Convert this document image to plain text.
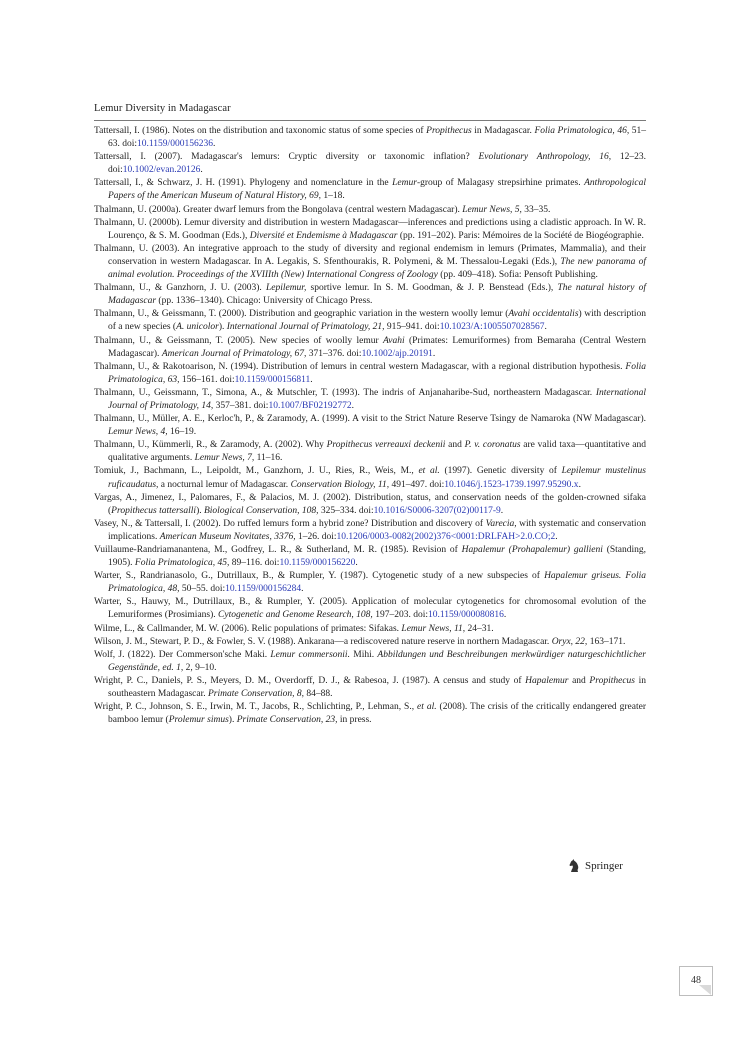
Lemur Diversity in Madagascar
Tattersall, I. (1986). Notes on the distribution and taxonomic status of some species of Propithecus in Madagascar. Folia Primatologica, 46, 51–63. doi:10.1159/000156236.
Tattersall, I. (2007). Madagascar's lemurs: Cryptic diversity or taxonomic inflation? Evolutionary Anthropology, 16, 12–23. doi:10.1002/evan.20126.
Tattersall, I., & Schwarz, J. H. (1991). Phylogeny and nomenclature in the Lemur-group of Malagasy strepsirhine primates. Anthropological Papers of the American Museum of Natural History, 69, 1–18.
Thalmann, U. (2000a). Greater dwarf lemurs from the Bongolava (central western Madagascar). Lemur News, 5, 33–35.
Thalmann, U. (2000b). Lemur diversity and distribution in western Madagascar—inferences and predictions using a cladistic approach. In W. R. Lourenço, & S. M. Goodman (Eds.), Diversité et Endemisme à Madagascar (pp. 191–202). Paris: Mémoires de la Société de Biogéographie.
Thalmann, U. (2003). An integrative approach to the study of diversity and regional endemism in lemurs (Primates, Mammalia), and their conservation in western Madagascar. In A. Legakis, S. Sfenthourakis, R. Polymeni, & M. Thessalou-Legaki (Eds.), The new panorama of animal evolution. Proceedings of the XVIIIth (New) International Congress of Zoology (pp. 409–418). Sofia: Pensoft Publishing.
Thalmann, U., & Ganzhorn, J. U. (2003). Lepilemur, sportive lemur. In S. M. Goodman, & J. P. Benstead (Eds.), The natural history of Madagascar (pp. 1336–1340). Chicago: University of Chicago Press.
Thalmann, U., & Geissmann, T. (2000). Distribution and geographic variation in the western woolly lemur (Avahi occidentalis) with description of a new species (A. unicolor). International Journal of Primatology, 21, 915–941. doi:10.1023/A:1005507028567.
Thalmann, U., & Geissmann, T. (2005). New species of woolly lemur Avahi (Primates: Lemuriformes) from Bemaraha (Central Western Madagascar). American Journal of Primatology, 67, 371–376. doi:10.1002/ajp.20191.
Thalmann, U., & Rakotoarison, N. (1994). Distribution of lemurs in central western Madagascar, with a regional distribution hypothesis. Folia Primatologica, 63, 156–161. doi:10.1159/000156811.
Thalmann, U., Geissmann, T., Simona, A., & Mutschler, T. (1993). The indris of Anjanaharibe-Sud, northeastern Madagascar. International Journal of Primatology, 14, 357–381. doi:10.1007/BF02192772.
Thalmann, U., Müller, A. E., Kerloc'h, P., & Zaramody, A. (1999). A visit to the Strict Nature Reserve Tsingy de Namaroka (NW Madagascar). Lemur News, 4, 16–19.
Thalmann, U., Kümmerli, R., & Zaramody, A. (2002). Why Propithecus verreauxi deckenii and P. v. coronatus are valid taxa—quantitative and qualitative arguments. Lemur News, 7, 11–16.
Tomiuk, J., Bachmann, L., Leipoldt, M., Ganzhorn, J. U., Ries, R., Weis, M., et al. (1997). Genetic diversity of Lepilemur mustelinus ruficaudatus, a nocturnal lemur of Madagascar. Conservation Biology, 11, 491–497. doi:10.1046/j.1523-1739.1997.95290.x.
Vargas, A., Jimenez, I., Palomares, F., & Palacios, M. J. (2002). Distribution, status, and conservation needs of the golden-crowned sifaka (Propithecus tattersalli). Biological Conservation, 108, 325–334. doi:10.1016/S0006-3207(02)00117-9.
Vasey, N., & Tattersall, I. (2002). Do ruffed lemurs form a hybrid zone? Distribution and discovery of Varecia, with systematic and conservation implications. American Museum Novitates, 3376, 1–26. doi:10.1206/0003-0082(2002)376<0001:DRLFAH>2.0.CO;2.
Vuillaume-Randriamanantena, M., Godfrey, L. R., & Sutherland, M. R. (1985). Revision of Hapalemur (Prohapalemur) gallieni (Standing, 1905). Folia Primatologica, 45, 89–116. doi:10.1159/000156220.
Warter, S., Randrianasolo, G., Dutrillaux, B., & Rumpler, Y. (1987). Cytogenetic study of a new subspecies of Hapalemur griseus. Folia Primatologica, 48, 50–55. doi:10.1159/000156284.
Warter, S., Hauwy, M., Dutrillaux, B., & Rumpler, Y. (2005). Application of molecular cytogenetics for chromosomal evolution of the Lemuriformes (Prosimians). Cytogenetic and Genome Research, 108, 197–203. doi:10.1159/000080816.
Wilme, L., & Callmander, M. W. (2006). Relic populations of primates: Sifakas. Lemur News, 11, 24–31.
Wilson, J. M., Stewart, P. D., & Fowler, S. V. (1988). Ankarana—a rediscovered nature reserve in northern Madagascar. Oryx, 22, 163–171.
Wolf, J. (1822). Der Commerson'sche Maki. Lemur commersonii. Mihi. Abbildungen und Beschreibungen merkwürdiger naturgeschichtlicher Gegenstände, ed. 1, 2, 9–10.
Wright, P. C., Daniels, P. S., Meyers, D. M., Overdorff, D. J., & Rabesoa, J. (1987). A census and study of Hapalemur and Propithecus in southeastern Madagascar. Primate Conservation, 8, 84–88.
Wright, P. C., Johnson, S. E., Irwin, M. T., Jacobs, R., Schlichting, P., Lehman, S., et al. (2008). The crisis of the critically endangered greater bamboo lemur (Prolemur simus). Primate Conservation, 23, in press.
Springer
48
